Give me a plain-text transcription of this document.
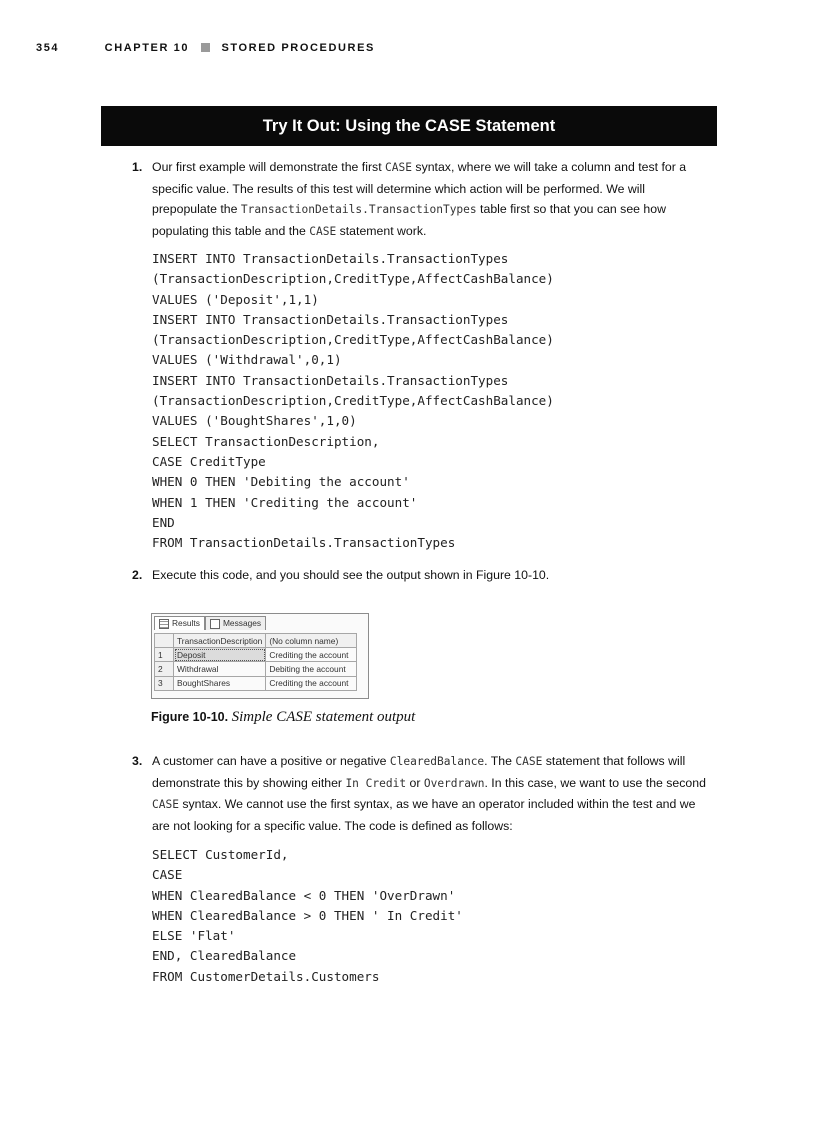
354	CHAPTER 10	STORED PROCEDURES
Try It Out: Using the CASE Statement
1. Our first example will demonstrate the first CASE syntax, where we will take a column and test for a specific value. The results of this test will determine which action will be performed. We will prepopulate the TransactionDetails.TransactionTypes table first so that you can see how populating this table and the CASE statement work.
INSERT INTO TransactionDetails.TransactionTypes
(TransactionDescription,CreditType,AffectCashBalance)
VALUES ('Deposit',1,1)
INSERT INTO TransactionDetails.TransactionTypes
(TransactionDescription,CreditType,AffectCashBalance)
VALUES ('Withdrawal',0,1)
INSERT INTO TransactionDetails.TransactionTypes
(TransactionDescription,CreditType,AffectCashBalance)
VALUES ('BoughtShares',1,0)
SELECT TransactionDescription,
CASE CreditType
WHEN 0 THEN 'Debiting the account'
WHEN 1 THEN 'Crediting the account'
END
FROM TransactionDetails.TransactionTypes
2. Execute this code, and you should see the output shown in Figure 10-10.
Results	Messages
	TransactionDescription	(No column name)
1	Deposit	Crediting the account
2	Withdrawal	Debiting the account
3	BoughtShares	Crediting the account
Figure 10-10. Simple CASE statement output
3. A customer can have a positive or negative ClearedBalance. The CASE statement that follows will demonstrate this by showing either In Credit or Overdrawn. In this case, we want to use the second CASE syntax. We cannot use the first syntax, as we have an operator included within the test and we are not looking for a specific value. The code is defined as follows:
SELECT CustomerId,
CASE
WHEN ClearedBalance < 0 THEN 'OverDrawn'
WHEN ClearedBalance > 0 THEN ' In Credit'
ELSE 'Flat'
END, ClearedBalance
FROM CustomerDetails.Customers
